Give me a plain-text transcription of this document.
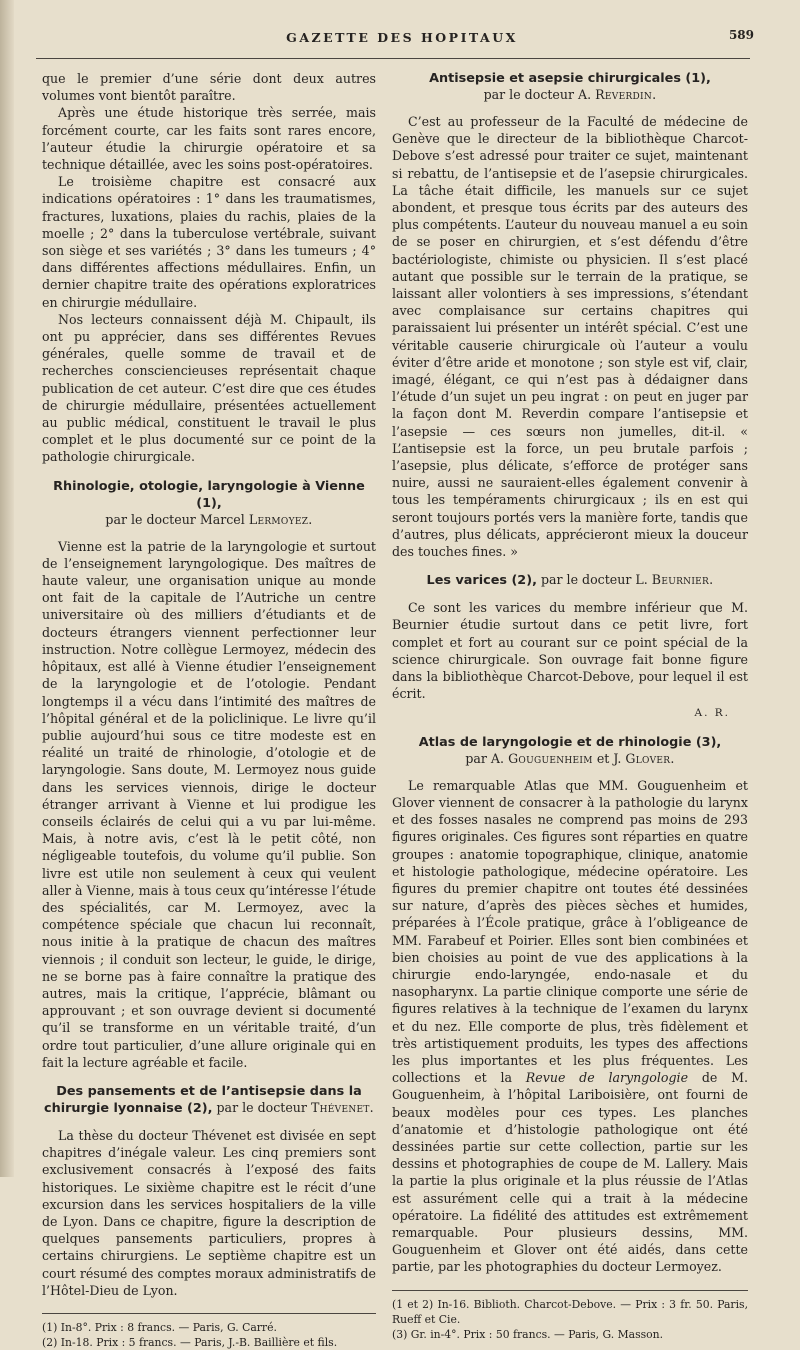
GAZETTE DES HOPITAUX	589

que le premier d’une série dont deux autres volumes vont bientôt paraître.

Après une étude historique très serrée, mais forcément courte, car les faits sont rares encore, l’auteur étudie la chirurgie opératoire et sa technique détaillée, avec les soins post-opératoires.

Le troisième chapitre est consacré aux indications opératoires : 1° dans les traumatismes, fractures, luxations, plaies du rachis, plaies de la moelle ; 2° dans la tuberculose vertébrale, suivant son siège et ses variétés ; 3° dans les tumeurs ; 4° dans différentes affections médullaires. Enfin, un dernier chapitre traite des opérations exploratrices en chirurgie médullaire.

Nos lecteurs connaissent déjà M. Chipault, ils ont pu apprécier, dans ses différentes Revues générales, quelle somme de travail et de recherches consciencieuses représentait chaque publication de cet auteur. C’est dire que ces études de chirurgie médullaire, présentées actuellement au public médical, constituent le travail le plus complet et le plus documenté sur ce point de la pathologie chirurgicale.

Rhinologie, otologie, laryngologie à Vienne (1),
par le docteur Marcel Lermoyez.

Vienne est la patrie de la laryngologie et surtout de l’enseignement laryngologique. Des maîtres de haute valeur, une organisation unique au monde ont fait de la capitale de l’Autriche un centre universitaire où des milliers d’étudiants et de docteurs étrangers viennent perfectionner leur instruction. Notre collègue Lermoyez, médecin des hôpitaux, est allé à Vienne étudier l’enseignement de la laryngologie et de l’otologie. Pendant longtemps il a vécu dans l’intimité des maîtres de l’hôpital général et de la policlinique. Le livre qu’il publie aujourd’hui sous ce titre modeste est en réalité un traité de rhinologie, d’otologie et de laryngologie. Sans doute, M. Lermoyez nous guide dans les services viennois, dirige le docteur étranger arrivant à Vienne et lui prodigue les conseils éclairés de celui qui a vu par lui-même. Mais, à notre avis, c’est là le petit côté, non négligeable toutefois, du volume qu’il publie. Son livre est utile non seulement à ceux qui veulent aller à Vienne, mais à tous ceux qu’intéresse l’étude des spécialités, car M. Lermoyez, avec la compétence spéciale que chacun lui reconnaît, nous initie à la pratique de chacun des maîtres viennois ; il conduit son lecteur, le guide, le dirige, ne se borne pas à faire connaître la pratique des autres, mais la critique, l’apprécie, blâmant ou approuvant ; et son ouvrage devient si documenté qu’il se transforme en un véritable traité, d’un ordre tout particulier, d’une allure originale qui en fait la lecture agréable et facile.

Des pansements et de l’antisepsie dans la chirurgie lyonnaise (2), par le docteur Thévenet.

La thèse du docteur Thévenet est divisée en sept chapitres d’inégale valeur. Les cinq premiers sont exclusivement consacrés à l’exposé des faits historiques. Le sixième chapitre est le récit d’une excursion dans les services hospitaliers de la ville de Lyon. Dans ce chapitre, figure la description de quelques pansements particuliers, propres à certains chirurgiens. Le septième chapitre est un court résumé des comptes moraux administratifs de l’Hôtel-Dieu de Lyon.

(1) In-8°. Prix : 8 francs. — Paris, G. Carré.
(2) In-18. Prix : 5 francs. — Paris, J.-B. Baillière et fils.
Antisepsie et asepsie chirurgicales (1),
par le docteur A. Reverdin.

C’est au professeur de la Faculté de médecine de Genève que le directeur de la bibliothèque Charcot-Debove s’est adressé pour traiter ce sujet, maintenant si rebattu, de l’antisepsie et de l’asepsie chirurgicales. La tâche était difficile, les manuels sur ce sujet abondent, et presque tous écrits par des auteurs des plus compétents. L’auteur du nouveau manuel a eu soin de se poser en chirurgien, et s’est défendu d’être bactériologiste, chimiste ou physicien. Il s’est placé autant que possible sur le terrain de la pratique, se laissant aller volontiers à ses impressions, s’étendant avec complaisance sur certains chapitres qui paraissaient lui présenter un intérêt spécial. C’est une véritable causerie chirurgicale où l’auteur a voulu éviter d’être aride et monotone ; son style est vif, clair, imagé, élégant, ce qui n’est pas à dédaigner dans l’étude d’un sujet un peu ingrat : on peut en juger par la façon dont M. Reverdin compare l’antisepsie et l’asepsie — ces sœurs non jumelles, dit-il. « L’antisepsie est la force, un peu brutale parfois ; l’asepsie, plus délicate, s’efforce de protéger sans nuire, aussi ne sauraient-elles également convenir à tous les tempéraments chirurgicaux ; ils en est qui seront toujours portés vers la manière forte, tandis que d’autres, plus délicats, apprécieront mieux la douceur des touches fines. »

Les varices (2), par le docteur L. Beurnier.

Ce sont les varices du membre inférieur que M. Beurnier étudie surtout dans ce petit livre, fort complet et fort au courant sur ce point spécial de la science chirurgicale. Son ouvrage fait bonne figure dans la bibliothèque Charcot-Debove, pour lequel il est écrit.

A. R.
Atlas de laryngologie et de rhinologie (3),
par A. Gouguenheim et J. Glover.

Le remarquable Atlas que MM. Gouguenheim et Glover viennent de consacrer à la pathologie du larynx et des fosses nasales ne comprend pas moins de 293 figures originales. Ces figures sont réparties en quatre groupes : anatomie topographique, clinique, anatomie et histologie pathologique, médecine opératoire. Les figures du premier chapitre ont toutes été dessinées sur nature, d’après des pièces sèches et humides, préparées à l’École pratique, grâce à l’obligeance de MM. Farabeuf et Poirier. Elles sont bien combinées et bien choisies au point de vue des applications à la chirurgie endo-laryngée, endo-nasale et du nasopharynx. La partie clinique comporte une série de figures relatives à la technique de l’examen du larynx et du nez. Elle comporte de plus, très fidèlement et très artistiquement produits, les types des affections les plus importantes et les plus fréquentes. Les collections et la Revue de laryngologie de M. Gouguenheim, à l’hôpital Lariboisière, ont fourni de beaux modèles pour ces types. Les planches d’anatomie et d’histologie pathologique ont été dessinées partie sur cette collection, partie sur les dessins et photographies de coupe de M. Lallery. Mais la partie la plus originale et la plus réussie de l’Atlas est assurément celle qui a trait à la médecine opératoire. La fidélité des attitudes est extrêmement remarquable. Pour plusieurs dessins, MM. Gouguenheim et Glover ont été aidés, dans cette partie, par les photographies du docteur Lermoyez.

(1 et 2) In-16. Biblioth. Charcot-Debove. — Prix : 3 fr. 50. Paris, Rueff et Cie.
(3) Gr. in-4°. Prix : 50 francs. — Paris, G. Masson.
